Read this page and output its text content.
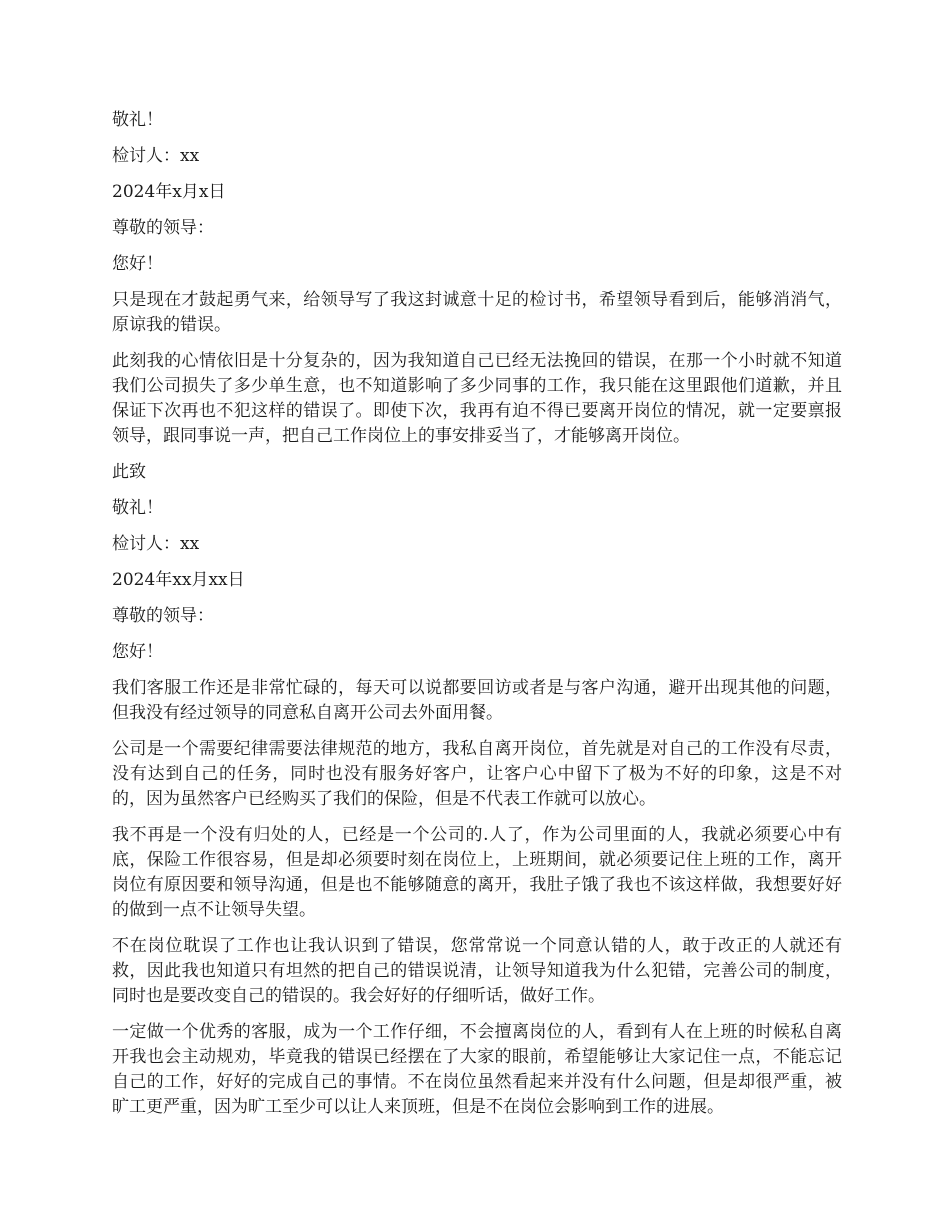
敬礼！

检讨人：xx

2024年x月x日

尊敬的领导：

您好！

只是现在才鼓起勇气来，给领导写了我这封诚意十足的检讨书，希望领导看到后，能够消消气，原谅我的错误。

此刻我的心情依旧是十分复杂的，因为我知道自己已经无法挽回的错误，在那一个小时就不知道我们公司损失了多少单生意，也不知道影响了多少同事的工作，我只能在这里跟他们道歉，并且保证下次再也不犯这样的错误了。即使下次，我再有迫不得已要离开岗位的情况，就一定要禀报领导，跟同事说一声，把自己工作岗位上的事安排妥当了，才能够离开岗位。

此致

敬礼！

检讨人：xx

2024年xx月xx日

尊敬的领导：

您好！

我们客服工作还是非常忙碌的，每天可以说都要回访或者是与客户沟通，避开出现其他的问题，但我没有经过领导的同意私自离开公司去外面用餐。

公司是一个需要纪律需要法律规范的地方，我私自离开岗位，首先就是对自己的工作没有尽责，没有达到自己的任务，同时也没有服务好客户，让客户心中留下了极为不好的印象，这是不对的，因为虽然客户已经购买了我们的保险，但是不代表工作就可以放心。

我不再是一个没有归处的人，已经是一个公司的.人了，作为公司里面的人，我就必须要心中有底，保险工作很容易，但是却必须要时刻在岗位上，上班期间，就必须要记住上班的工作，离开岗位有原因要和领导沟通，但是也不能够随意的离开，我肚子饿了我也不该这样做，我想要好好的做到一点不让领导失望。

不在岗位耽误了工作也让我认识到了错误，您常常说一个同意认错的人，敢于改正的人就还有救，因此我也知道只有坦然的把自己的错误说清，让领导知道我为什么犯错，完善公司的制度，同时也是要改变自己的错误的。我会好好的仔细听话，做好工作。

一定做一个优秀的客服，成为一个工作仔细，不会擅离岗位的人，看到有人在上班的时候私自离开我也会主动规劝，毕竟我的错误已经摆在了大家的眼前，希望能够让大家记住一点，不能忘记自己的工作，好好的完成自己的事情。不在岗位虽然看起来并没有什么问题，但是却很严重，被旷工更严重，因为旷工至少可以让人来顶班，但是不在岗位会影响到工作的进展。
